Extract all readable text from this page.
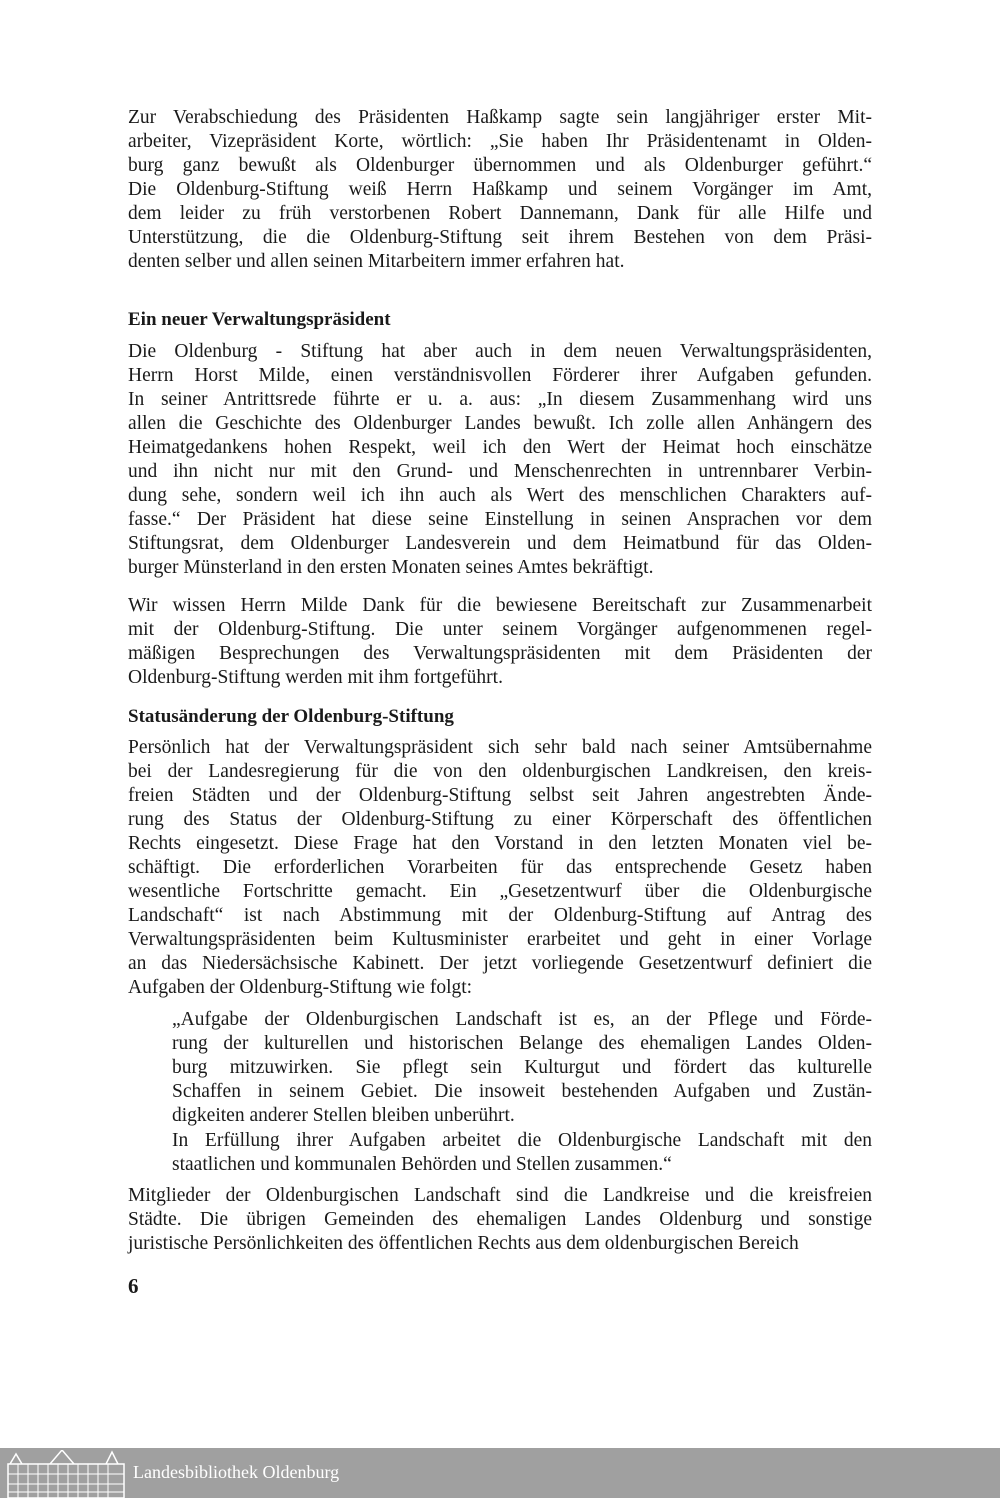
Zur Verabschiedung des Präsidenten Haßkamp sagte sein langjähriger erster Mit-
arbeiter, Vizepräsident Korte, wörtlich: „Sie haben Ihr Präsidentenamt in Olden-
burg ganz bewußt als Oldenburger übernommen und als Oldenburger geführt.“
Die Oldenburg-Stiftung weiß Herrn Haßkamp und seinem Vorgänger im Amt,
dem leider zu früh verstorbenen Robert Dannemann, Dank für alle Hilfe und
Unterstützung, die die Oldenburg-Stiftung seit ihrem Bestehen von dem Präsi-
denten selber und allen seinen Mitarbeitern immer erfahren hat.
Ein neuer Verwaltungspräsident
Die Oldenburg - Stiftung hat aber auch in dem neuen Verwaltungspräsidenten,
Herrn Horst Milde, einen verständnisvollen Förderer ihrer Aufgaben gefunden.
In seiner Antrittsrede führte er u. a. aus: „In diesem Zusammenhang wird uns
allen die Geschichte des Oldenburger Landes bewußt. Ich zolle allen Anhängern des
Heimatgedankens hohen Respekt, weil ich den Wert der Heimat hoch einschätze
und ihn nicht nur mit den Grund- und Menschenrechten in untrennbarer Verbin-
dung sehe, sondern weil ich ihn auch als Wert des menschlichen Charakters auf-
fasse.“ Der Präsident hat diese seine Einstellung in seinen Ansprachen vor dem
Stiftungsrat, dem Oldenburger Landesverein und dem Heimatbund für das Olden-
burger Münsterland in den ersten Monaten seines Amtes bekräftigt.
Wir wissen Herrn Milde Dank für die bewiesene Bereitschaft zur Zusammenarbeit
mit der Oldenburg-Stiftung. Die unter seinem Vorgänger aufgenommenen regel-
mäßigen Besprechungen des Verwaltungspräsidenten mit dem Präsidenten der
Oldenburg-Stiftung werden mit ihm fortgeführt.
Statusänderung der Oldenburg-Stiftung
Persönlich hat der Verwaltungspräsident sich sehr bald nach seiner Amtsübernahme
bei der Landesregierung für die von den oldenburgischen Landkreisen, den kreis-
freien Städten und der Oldenburg-Stiftung selbst seit Jahren angestrebten Ände-
rung des Status der Oldenburg-Stiftung zu einer Körperschaft des öffentlichen
Rechts eingesetzt. Diese Frage hat den Vorstand in den letzten Monaten viel be-
schäftigt. Die erforderlichen Vorarbeiten für das entsprechende Gesetz haben
wesentliche Fortschritte gemacht. Ein „Gesetzentwurf über die Oldenburgische
Landschaft“ ist nach Abstimmung mit der Oldenburg-Stiftung auf Antrag des
Verwaltungspräsidenten beim Kultusminister erarbeitet und geht in einer Vorlage
an das Niedersächsische Kabinett. Der jetzt vorliegende Gesetzentwurf definiert die
Aufgaben der Oldenburg-Stiftung wie folgt:
„Aufgabe der Oldenburgischen Landschaft ist es, an der Pflege und Förde-
rung der kulturellen und historischen Belange des ehemaligen Landes Olden-
burg mitzuwirken. Sie pflegt sein Kulturgut und fördert das kulturelle
Schaffen in seinem Gebiet. Die insoweit bestehenden Aufgaben und Zustän-
digkeiten anderer Stellen bleiben unberührt.
In Erfüllung ihrer Aufgaben arbeitet die Oldenburgische Landschaft mit den
staatlichen und kommunalen Behörden und Stellen zusammen.“
Mitglieder der Oldenburgischen Landschaft sind die Landkreise und die kreisfreien
Städte. Die übrigen Gemeinden des ehemaligen Landes Oldenburg und sonstige
juristische Persönlichkeiten des öffentlichen Rechts aus dem oldenburgischen Bereich
6
Landesbibliothek Oldenburg
